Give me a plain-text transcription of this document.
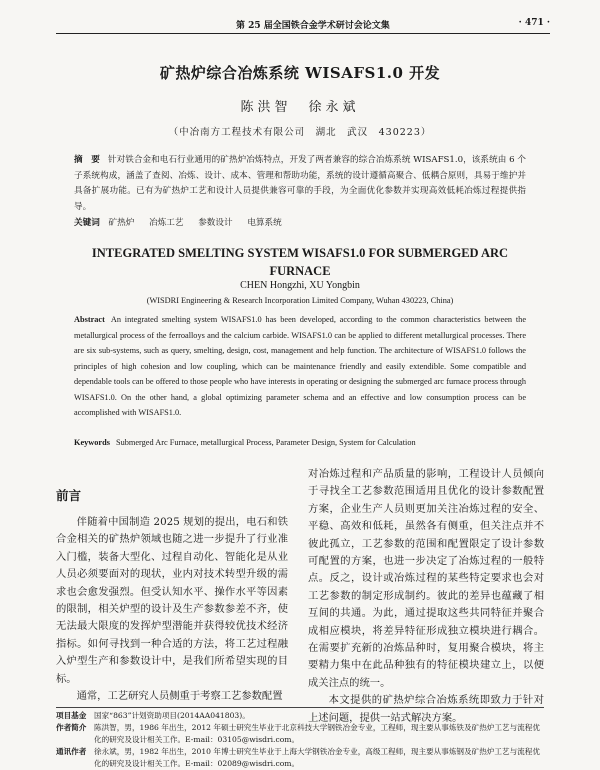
第 25 届全国铁合金学术研讨会论文集	· 471 ·
矿热炉综合冶炼系统 WISAFS1.0 开发
陈洪智　徐永斌
（中冶南方工程技术有限公司　湖北　武汉　430223）
摘　要 针对铁合金和电石行业通用的矿热炉冶炼特点，开发了两者兼容的综合冶炼系统 WISAFS1.0，该系统由 6 个子系统构成，涵盖了查阅、冶炼、设计、成本、管理和帮助功能，系统的设计遵循高聚合、低耦合原则，具易于维护并具备扩展功能。已有为矿热炉工艺和设计人员提供兼容可靠的手段，为全面优化参数并实现高效低耗冶炼过程提供指导。
关键词 矿热炉 冶炼工艺 参数设计 电算系统
INTEGRATED SMELTING SYSTEM WISAFS1.0 FOR SUBMERGED ARC FURNACE
CHEN Hongzhi, XU Yongbin
(WISDRI Engineering & Research Incorporation Limited Company, Wuhan 430223, China)
Abstract An integrated smelting system WISAFS1.0 has been developed, according to the common characteristics between the metallurgical process of the ferroalloys and the calcium carbide. WISAFS1.0 can be applied to different metallurgical processes. There are six sub-systems, such as query, smelting, design, cost, management and help function. The architecture of WISAFS1.0 follows the principles of high cohesion and low coupling, which can be maintenance friendly and easily extendible. Some compatible and dependable tools can be offered to those people who have interests in operating or designing the submerged arc furnace process through WISAFS1.0. On the other hand, a global optimizing parameter schema and an effective and low consumption process can be accomplished with WISAFS1.0.
Keywords Submerged Arc Furnace, metallurgical Process, Parameter Design, System for Calculation
前言
伴随着中国制造 2025 规划的提出，电石和铁合金相关的矿热炉领域也随之进一步提升了行业准入门槛，装备大型化、过程自动化、智能化是从业人员必须要面对的现状，业内对技术转型升级的需求也会愈发强烈。但受认知水平、操作水平等因素的限制，相关炉型的设计及生产参数参差不齐，使无法最大限度的发挥炉型潜能并获得较优技术经济指标。如何寻找到一种合适的方法，将工艺过程融入炉型生产和参数设计中，是我们所希望实现的目标。
通常，工艺研究人员侧重于考察工艺参数配置
对冶炼过程和产品质量的影响，工程设计人员倾向于寻找全工艺参数范围适用且优化的设计参数配置方案，企业生产人员则更加关注冶炼过程的安全、平稳、高效和低耗，虽然各有侧重，但关注点并不彼此孤立，工艺参数的范围和配置限定了设计参数可配置的方案，也进一步决定了冶炼过程的一般特点。反之，设计或冶炼过程的某些特定要求也会对工艺参数的制定形成制约。彼此的差异也蕴藏了相互间的共通。为此，通过提取这些共同特征并聚合成相应模块，将差异特征形成独立模块进行耦合。在需要扩充新的冶炼品种时，复用聚合模块，将主要精力集中在此品种独有的特征模块建立上，以便成关注点的统一。
本文提供的矿热炉综合冶炼系统即致力于针对上述问题，提供一站式解决方案。
项目基金	国家“863”计划资助项目(2014AA041803)。
作者简介	陈洪智，男，1986 年出生，2012 年硕士研究生毕业于北京科技大学钢铁冶金专业，工程师，现主要从事炼铁及矿热炉工艺与流程优化的研究及设计相关工作。E-mail：03105@wisdri.com。
通讯作者	徐永斌，男，1982 年出生，2010 年博士研究生毕业于上海大学钢铁冶金专业，高级工程师，现主要从事炼钢及矿热炉工艺与流程优化的研究及设计相关工作。E-mail：02089@wisdri.com。
